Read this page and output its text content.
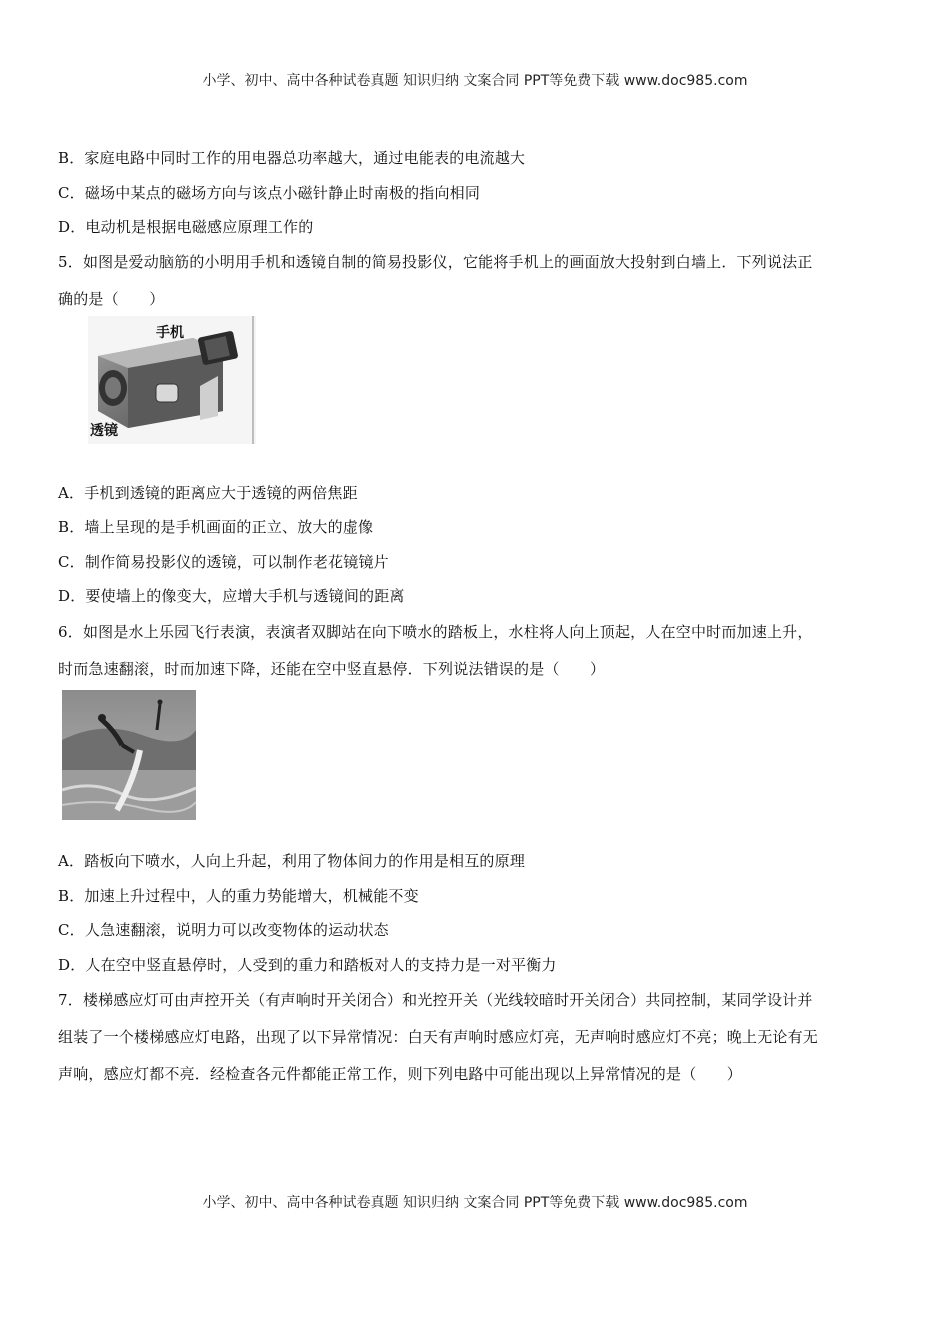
小学、初中、高中各种试卷真题 知识归纳 文案合同 PPT等免费下载 www.doc985.com
B．家庭电路中同时工作的用电器总功率越大，通过电能表的电流越大
C．磁场中某点的磁场方向与该点小磁针静止时南极的指向相同
D．电动机是根据电磁感应原理工作的
5．如图是爱动脑筋的小明用手机和透镜自制的简易投影仪，它能将手机上的画面放大投射到白墙上．下列说法正
确的是（　　）
手机
透镜
A．手机到透镜的距离应大于透镜的两倍焦距
B．墙上呈现的是手机画面的正立、放大的虚像
C．制作简易投影仪的透镜，可以制作老花镜镜片
D．要使墙上的像变大，应增大手机与透镜间的距离
6．如图是水上乐园飞行表演，表演者双脚站在向下喷水的踏板上，水柱将人向上顶起，人在空中时而加速上升，
时而急速翻滚，时而加速下降，还能在空中竖直悬停．下列说法错误的是（　　）
A．踏板向下喷水，人向上升起，利用了物体间力的作用是相互的原理
B．加速上升过程中，人的重力势能增大，机械能不变
C．人急速翻滚，说明力可以改变物体的运动状态
D．人在空中竖直悬停时，人受到的重力和踏板对人的支持力是一对平衡力
7．楼梯感应灯可由声控开关（有声响时开关闭合）和光控开关（光线较暗时开关闭合）共同控制，某同学设计并
组装了一个楼梯感应灯电路，出现了以下异常情况：白天有声响时感应灯亮，无声响时感应灯不亮；晚上无论有无
声响，感应灯都不亮．经检查各元件都能正常工作，则下列电路中可能出现以上异常情况的是（　　）
小学、初中、高中各种试卷真题 知识归纳 文案合同 PPT等免费下载 www.doc985.com
